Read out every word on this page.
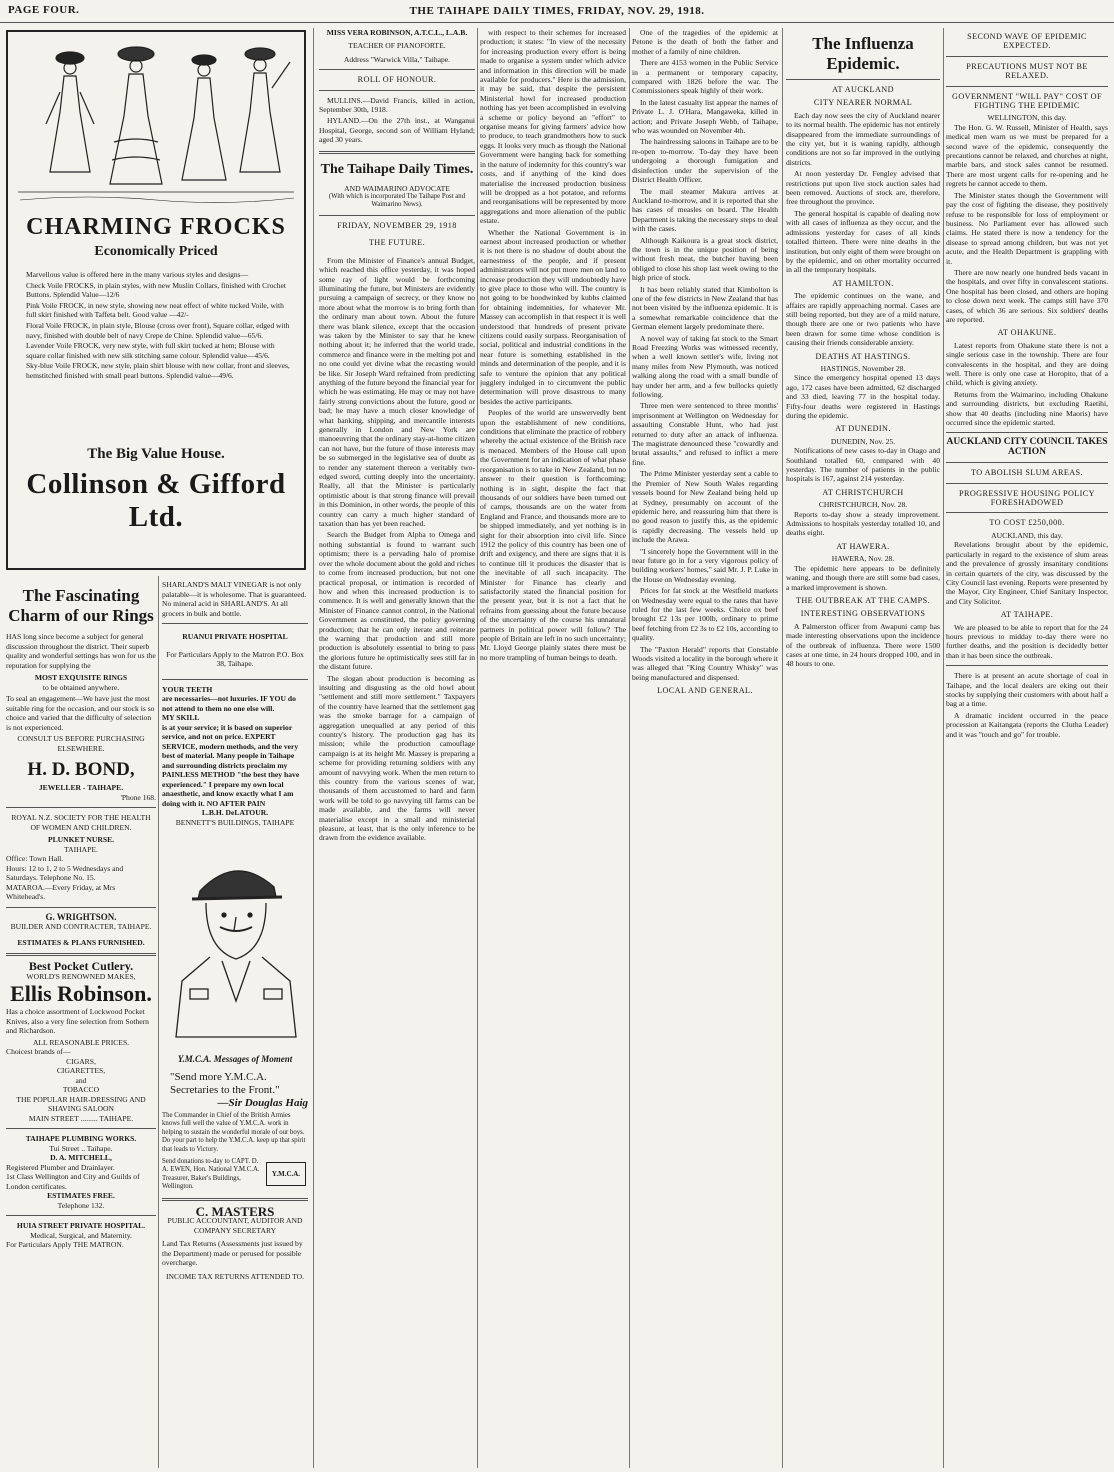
PAGE FOUR.	THE TAIHAPE DAILY TIMES, FRIDAY, NOV. 29, 1918.
CHARMING FROCKS
Economically Priced

Marvellous value is offered here in the many various styles and designs—

Check Voile FROCKS, in plain styles, with new Muslin Collars, finished with Crochet Buttons. Splendid Value—12/6

Pink Voile FROCK, in new style, showing new neat effect of white tucked Voile, with full skirt finished with Taffeta belt. Good value —42/-

Floral Voile FROCK, in plain style, Blouse (cross over front), Square collar, edged with navy, finished with double belt of navy Crepe de Chine. Splendid value—65/6.

Lavender Voile FROCK, very new style, with full skirt tucked at hem; Blouse with square collar finished with new silk stitching same colour. Splendid value—45/6.

Sky-blue Voile FROCK, new style, plain shirt blouse with new collar, front and sleeves, hemstitched finished with small pearl buttons. Splendid value—49/6.

The Big Value House.
Collinson & Gifford Ltd.
The Fascinating Charm of our Rings

HAS long since become a subject for general discussion throughout the district. Their superb quality and wonderful settings has won for us the reputation for supplying the

MOST EXQUISITE RINGS
to be obtained anywhere.

To seal an engagement—We have just the most suitable ring for the occasion, and our stock is so choice and varied that the difficulty of selection is not experienced.

CONSULT US BEFORE PURCHASING ELSEWHERE.
H. D. BOND,
JEWELLER - TAIHAPE.
'Phone 168.
ROYAL N.Z. SOCIETY FOR THE HEALTH OF WOMEN AND CHILDREN.
PLUNKET NURSE.
TAIHAPE.
Office: Town Hall.
Hours: 12 to 1, 2 to 5 Wednesdays and Saturdays. Telephone No. 15.
MATAROA.—Every Friday, at Mrs Whitehead's.
G. WRIGHTSON.
BUILDER AND CONTRACTER, TAIHAPE.
ESTIMATES & PLANS FURNISHED.
Best Pocket Cutlery.
WORLD'S RENOWNED MAKES,
Ellis Robinson.

Has a choice assortment of Lockwood Pocket Knives, also a very fine selection from Sothern and Richardson.

ALL REASONABLE PRICES.
Choicest brands of—
CIGARS,
CIGARETTES,
and
TOBACCO
THE POPULAR HAIR-DRESSING AND SHAVING SALOON
MAIN STREET ......... TAIHAPE.
TAIHAPE PLUMBING WORKS.
Tui Street .. Taihape.
D. A. MITCHELL,
Registered Plumber and Drainlayer.
1st Class Wellington and City and Guilds of London certificates.
ESTIMATES FREE.
Telephone 132.
HUIA STREET PRIVATE HOSPITAL.
Medical, Surgical, and Maternity.
For Particulars Apply THE MATRON.

SHARLAND'S MALT VINEGAR is not only palatable—it is wholesome. That is guaranteed. No mineral acid in SHARLAND'S. At all grocers in bulk and bottle.

RUANUI PRIVATE HOSPITAL
For Particulars Apply to the Matron P.O. Box 38, Taihape.
YOUR TEETH

are necessaries—not luxuries. IF YOU do not attend to them no one else will.

MY SKILL

is at your service; it is based on superior service, and not on price. EXPERT SERVICE, modern methods, and the very best of material. Many people in Taihape and surrounding districts proclaim my PAINLESS METHOD "the best they have experienced." I prepare my own local anaesthetic, and know exactly what I am doing with it. NO AFTER PAIN

L.B.H. DeLATOUR.
BENNETT'S BUILDINGS, TAIHAPE
Y.M.C.A. Messages of Moment
"Send more Y.M.C.A. Secretaries to the Front."
—Sir Douglas Haig

The Commander in Chief of the British Armies knows full well the value of Y.M.C.A. work in helping to sustain the wonderful morale of our boys. Do your part to help the Y.M.C.A. keep up that spirit that leads to Victory.

Send donations to-day to CAPT. D. A. EWEN, Hon. National Y.M.C.A. Treasurer, Baker's Buildings, Wellington.

Y.M.C.A.
C. MASTERS
PUBLIC ACCOUNTANT, AUDITOR AND COMPANY SECRETARY

Land Tax Returns (Assessments just issued by the Department) made or perused for possible overcharge.

INCOME TAX RETURNS ATTENDED TO.
MISS VERA ROBINSON, A.T.C.L., L.A.B.
TEACHER OF PIANOFORTE.
Address "Warwick Villa," Taihape.
ROLL OF HONOUR.

MULLINS.—David Francis, killed in action, September 30th, 1918.

HYLAND.—On the 27th inst., at Wanganui Hospital, George, second son of William Hyland; aged 30 years.

The Taihape Daily Times.
AND WAIMARINO ADVOCATE
(With which is incorporated The Taihape Post and Waimarino News).
FRIDAY, NOVEMBER 29, 1918
THE FUTURE.

From the Minister of Finance's annual Budget, which reached this office yesterday, it was hoped some ray of light would be forthcoming illuminating the future, but Ministers are evidently pursuing a campaign of secrecy, or they know no more about what the morrow is to bring forth than the ordinary man about town. About the future there was blank silence, except that the occasion was taken by the Minister to say that he knew nothing about it; he inferred that the world trade, commerce and finance were in the melting pot and no one could yet divine what the recasting would be like. Sir Joseph Ward refrained from predicting anything of the future beyond the financial year for which he was estimating. He may or may not have fairly strong convictions about the future, good or bad; he may have a much closer knowledge of what banking, shipping, and mercantile interests generally in London and New York are manoeuvring that the ordinary stay-at-home citizen can not have, but the future of those interests may be so submerged in the legislative sea of doubt as to render any statement thereon a veritably two-edged sword, cutting deeply into the uncertainty. Really, all that the Minister is particularly optimistic about is that strong finance will prevail in this Dominion, in other words, the people of this country can carry a much higher standard of taxation than has yet been reached.

Search the Budget from Alpha to Omega and nothing substantial is found to warrant such optimism; there is a pervading halo of promise over the whole document about the gold and riches to come from increased production, but not one practical proposal, or intimation is recorded of how and when this increased production is to commence. It is well and generally known that the Minister of Finance cannot control, in the National Government as constituted, the policy governing production; that he can only iterate and reiterate the warning that production and still more production is absolutely essential to bring to pass the glorious future he optimistically sees still far in the distant future.

The slogan about production is becoming as insulting and disgusting as the old howl about "settlement and still more settlement." Taxpayers of the country have learned that the settlement gag was the smoke barrage for a campaign of aggregation unequalled at any period of this country's history. The production gag has its mission; while the production camouflage campaign is at its height Mr. Massey is preparing a scheme for providing returning soldiers with any amount of navvying work. When the men return to this country from the various scenes of war, thousands of them accustomed to hard and farm work will be told to go navvying till farms can be made available, and the farms will never materialise except in a small and ministerial pleasure, at least, that is the only inference to be drawn from the evidence available.

with respect to their schemes for increased production; it states: "In view of the necessity for increasing production every effort is being made to organise a system under which advice and information in this direction will be made available for producers." Here is the admission, it may be said, that despite the persistent Ministerial howl for increased production nothing has yet been accomplished in evolving a scheme or policy beyond an "effort" to organise means for giving farmers' advice how to produce, to teach grandmothers how to suck eggs. It looks very much as though the National Government were hanging back for something in the nature of indemnity for this country's war costs, and if anything of the kind does materialise the increased production business will be dropped as a hot potatoe, and reforms and reorganisations will be represented by more aggregations and more alienation of the public estate.

Whether the National Government is in earnest about increased production or whether it is not there is no shadow of doubt about the earnestness of the people, and if present administrators will not put more men on land to increase production they will undoubtedly have to give place to those who will. The country is not going to be hoodwinked by kubbs claimed for obtaining indemnities, for whatever Mr. Massey can accomplish in that respect it is well understood that hundreds of present private citizens could easily surpass. Reorganisation of social, political and industrial conditions in the near future is something established in the minds and determination of the people, and it is safe to venture the opinion that any political jugglery indulged in to circumvent the public determination will prove disastrous to many besides the active participants.

Peoples of the world are unswervedly bent upon the establishment of new conditions, conditions that eliminate the practice of robbery whereby the actual existence of the British race is menaced. Members of the House call upon the Government for an indication of what phase reorganisation is to take in New Zealand, but no answer to their question is forthcoming; nothing is in sight, despite the fact that thousands of our soldiers have been turned out of camps, thousands are on the water from England and France, and thousands more are to be shipped immediately, and yet nothing is in sight for their absorption into civil life. Since 1912 the policy of this country has been one of drift and exigency, and there are signs that it is to continue till it produces the disaster that is the inevitable of all such incapacity. The Minister for Finance has clearly and satisfactorily stated the financial position for the present year, but it is not a fact that he refrains from guessing about the future because of the uncertainty of the course his unnatural partners in political power will follow? The people of Britain are left in no such uncertainty; Mr. Lloyd George plainly states there must be no more trampling of human beings to death.

One of the tragedies of the epidemic at Petone is the death of both the father and mother of a family of nine children.

There are 4153 women in the Public Service in a permanent or temporary capacity, compared with 1826 before the war. The Commissioners speak highly of their work.

In the latest casualty list appear the names of Private L. J. O'Hara, Mangaweka, killed in action; and Private Joseph Webb, of Taihape, who was wounded on November 4th.

The hairdressing saloons in Taihape are to be re-open to-morrow. To-day they have been undergoing a thorough fumigation and disinfection under the supervision of the District Health Officer.

The mail steamer Makura arrives at Auckland to-morrow, and it is reported that she has cases of measles on board. The Health Department is taking the necessary steps to deal with the cases.

Although Kaikoura is a great stock district, the town is in the unique position of being without fresh meat, the butcher having been obliged to close his shop last week owing to the high price of stock.

It has been reliably stated that Kimbolton is one of the few districts in New Zealand that has not been visited by the influenza epidemic. It is a somewhat remarkable coincidence that the German element largely predominate there.

A novel way of taking fat stock to the Smart Road Freezing Works was witnessed recently, when a well known settler's wife, living not many miles from New Plymouth, was noticed walking along the road with a small bundle of hay under her arm, and a few bullocks quietly following.

Three men were sentenced to three months' imprisonment at Wellington on Wednesday for assaulting Constable Hunt, who had just returned to duty after an attack of influenza. The magistrate denounced these "cowardly and brutal assaults," and refused to inflict a mere fine.

The Prime Minister yesterday sent a cable to the Premier of New South Wales regarding vessels bound for New Zealand being held up at Sydney, presumably on account of the epidemic here, and reassuring him that there is no good reason to justify this, as the epidemic is rapidly decreasing. The vessels held up include the Arawa.

"I sincerely hope the Government will in the near future go in for a very vigorous policy of building workers' homes," said Mr. J. P. Luke in the House on Wednesday evening.

Prices for fat stock at the Westfield markets on Wednesday were equal to the rates that have ruled for the last few weeks. Choice ox beef brought £2 13s per 100lb, ordinary to prime beef fetching from £2 3s to £2 10s, according to quality.

The "Paxton Herald" reports that Constable Woods visited a locality in the borough where it was alleged that "King Country Whisky" was being manufactured and dispensed.

LOCAL AND GENERAL.
The Influenza Epidemic.
AT AUCKLAND
CITY NEARER NORMAL

Each day now sees the city of Auckland nearer to its normal health. The epidemic has not entirely disappeared from the immediate surroundings of the city yet, but it is waning rapidly, although conditions are not so far improved in the outlying districts.

At noon yesterday Dr. Fengley advised that restrictions put upon live stock auction sales had been removed. Auctions of stock are, therefore, free throughout the province.

The general hospital is capable of dealing now with all cases of influenza as they occur, and the admissions yesterday for cases of all kinds totalled thirteen. There were nine deaths in the institution, but only eight of them were brought on by the epidemic, and on other mortality occurred in all the temporary hospitals.

AT HAMILTON.

The epidemic continues on the wane, and affairs are rapidly approaching normal. Cases are still being reported, but they are of a mild nature, though there are one or two patients who have been drawn for some time whose condition is causing their friends considerable anxiety.

DEATHS AT HASTINGS.
HASTINGS, November 28.

Since the emergency hospital opened 13 days ago, 172 cases have been admitted, 62 discharged and 33 died, leaving 77 in the hospital today. Fifty-four deaths were registered in Hastings during the epidemic.

AT DUNEDIN.
DUNEDIN, Nov. 25.

Notifications of new cases to-day in Otago and Southland totalled 60, compared with 40 yesterday. The number of patients in the public hospitals is 167, against 214 yesterday.

AT CHRISTCHURCH
CHRISTCHURCH, Nov. 28.

Reports to-day show a steady improvement. Admissions to hospitals yesterday totalled 10, and deaths eight.

AT HAWERA.
HAWERA, Nov. 28.

The epidemic here appears to be definitely waning, and though there are still some bad cases, a marked improvement is shown.

THE OUTBREAK AT THE CAMPS.
INTERESTING OBSERVATIONS

A Palmerston officer from Awapuni camp has made interesting observations upon the incidence of the outbreak of influenza. There were 1500 cases at one time, in 24 hours dropped 100, and in 48 hours to one.

SECOND WAVE OF EPIDEMIC EXPECTED.
PRECAUTIONS MUST NOT BE RELAXED.
GOVERNMENT "WILL PAY" COST OF FIGHTING THE EPIDEMIC
WELLINGTON, this day.

The Hon. G. W. Russell, Minister of Health, says medical men warn us we must be prepared for a second wave of the epidemic, consequently the precautions cannot be relaxed, and churches at night, marble bars, and stock sales cannot be resumed. There are most urgent calls for re-opening and he regrets he cannot accede to them.

The Minister states though the Government will pay the cost of fighting the disease, they positively refuse to be responsible for loss of employment or business. No Parliament ever has allowed such claims. He stated there is now a tendency for the disease to spread among children, but was not yet acute, and the Health Department is grappling with it.

There are now nearly one hundred beds vacant in the hospitals, and over fifty in convalescent stations. One hospital has been closed, and others are hoping to close down next week. The camps still have 370 cases, of which 36 are serious. Six soldiers' deaths are reported.

AT OHAKUNE.

Latest reports from Ohakune state there is not a single serious case in the township. There are four convalescents in the hospital, and they are doing well. There is only one case at Horopito, that of a child, which is giving anxiety.

Returns from the Waimarino, including Ohakune and surrounding districts, but excluding Raetihi, show that 40 deaths (including nine Maoris) have occurred since the epidemic started.

AUCKLAND CITY COUNCIL TAKES ACTION
TO ABOLISH SLUM AREAS.
PROGRESSIVE HOUSING POLICY FORESHADOWED
TO COST £250,000.
AUCKLAND, this day.

Revelations brought about by the epidemic, particularly in regard to the existence of slum areas and the prevalence of grossly insanitary conditions in certain quarters of the city, was discussed by the City Council last evening. Reports were presented by the Mayor, City Engineer, Chief Sanitary Inspector, and City Solicitor.

AT TAIHAPE.

We are pleased to be able to report that for the 24 hours previous to midday to-day there were no further deaths, and the position is decidedly better than it has been since the outbreak.

There is at present an acute shortage of coal in Taihape, and the local dealers are eking out their stocks by supplying their customers with about half a bag at a time.

A dramatic incident occurred in the peace procession at Kaitangata (reports the Clutha Leader) and it was "touch and go" for trouble.
